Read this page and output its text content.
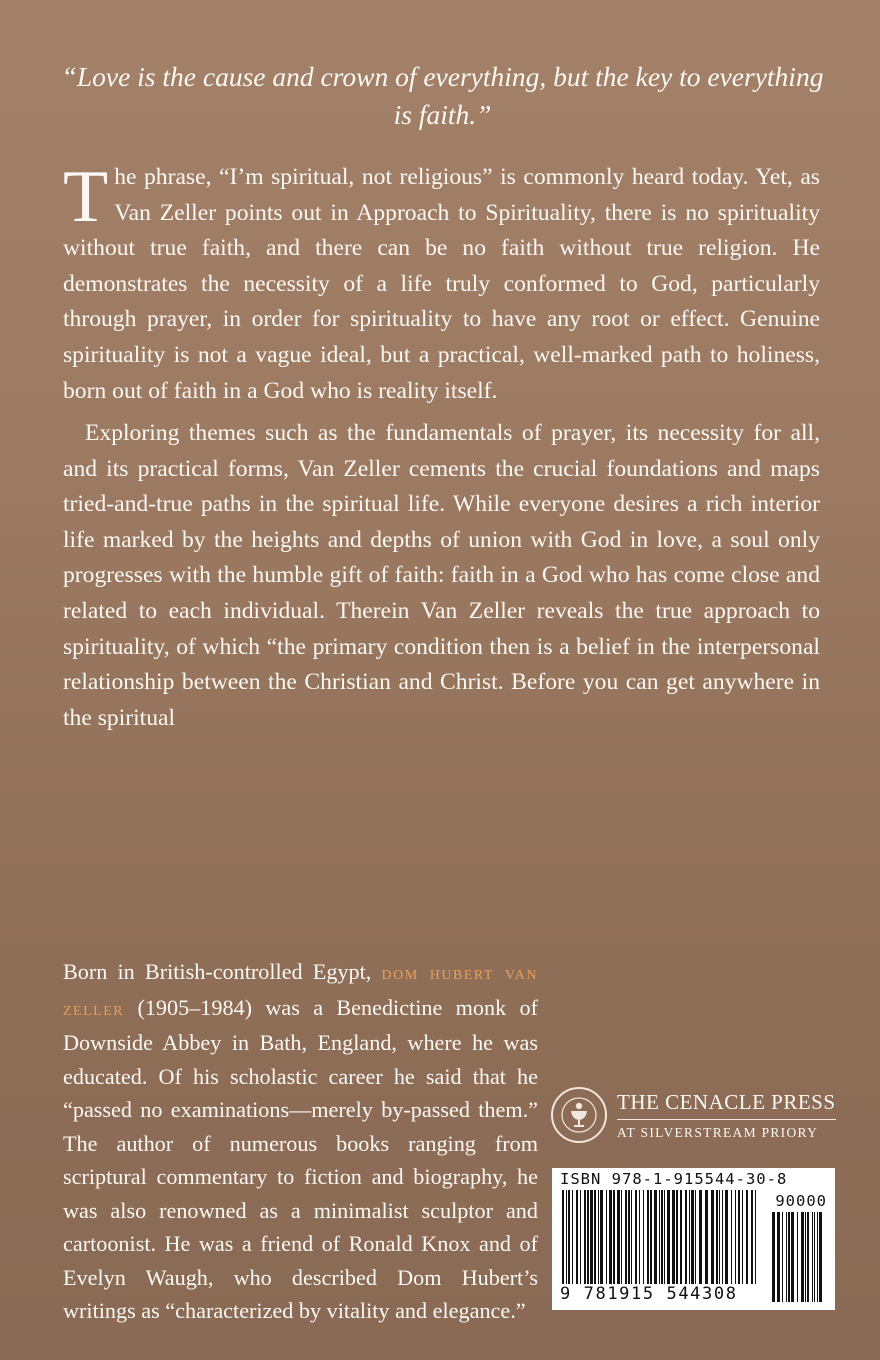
“Love is the cause and crown of everything, but the key to everything is faith.”

The phrase, “I’m spiritual, not religious” is commonly heard today. Yet, as Van Zeller points out in Approach to Spirituality, there is no spirituality without true faith, and there can be no faith without true religion. He demonstrates the necessity of a life truly conformed to God, particularly through prayer, in order for spirituality to have any root or effect. Genuine spirituality is not a vague ideal, but a practical, well-marked path to holiness, born out of faith in a God who is reality itself.

Exploring themes such as the fundamentals of prayer, its necessity for all, and its practical forms, Van Zeller cements the crucial foundations and maps tried-and-true paths in the spiritual life. While everyone desires a rich interior life marked by the heights and depths of union with God in love, a soul only progresses with the humble gift of faith: faith in a God who has come close and related to each individual. Therein Van Zeller reveals the true approach to spirituality, of which “the primary condition then is a belief in the interpersonal relationship between the Christian and Christ. Before you can get anywhere in the spiritual

Born in British-controlled Egypt, dom hubert van zeller (1905–1984) was a Benedictine monk of Downside Abbey in Bath, England, where he was educated. Of his scholastic career he said that he “passed no examinations—merely by-passed them.” The author of numerous books ranging from scriptural commentary to fiction and biography, he was also renowned as a minimalist sculptor and cartoonist. He was a friend of Ronald Knox and of Evelyn Waugh, who described Dom Hubert’s writings as “characterized by vitality and elegance.”

THE CENACLE PRESS
AT SILVERSTREAM PRIORY
ISBN 978-1-915544-30-8
90000
9 781915 544308
